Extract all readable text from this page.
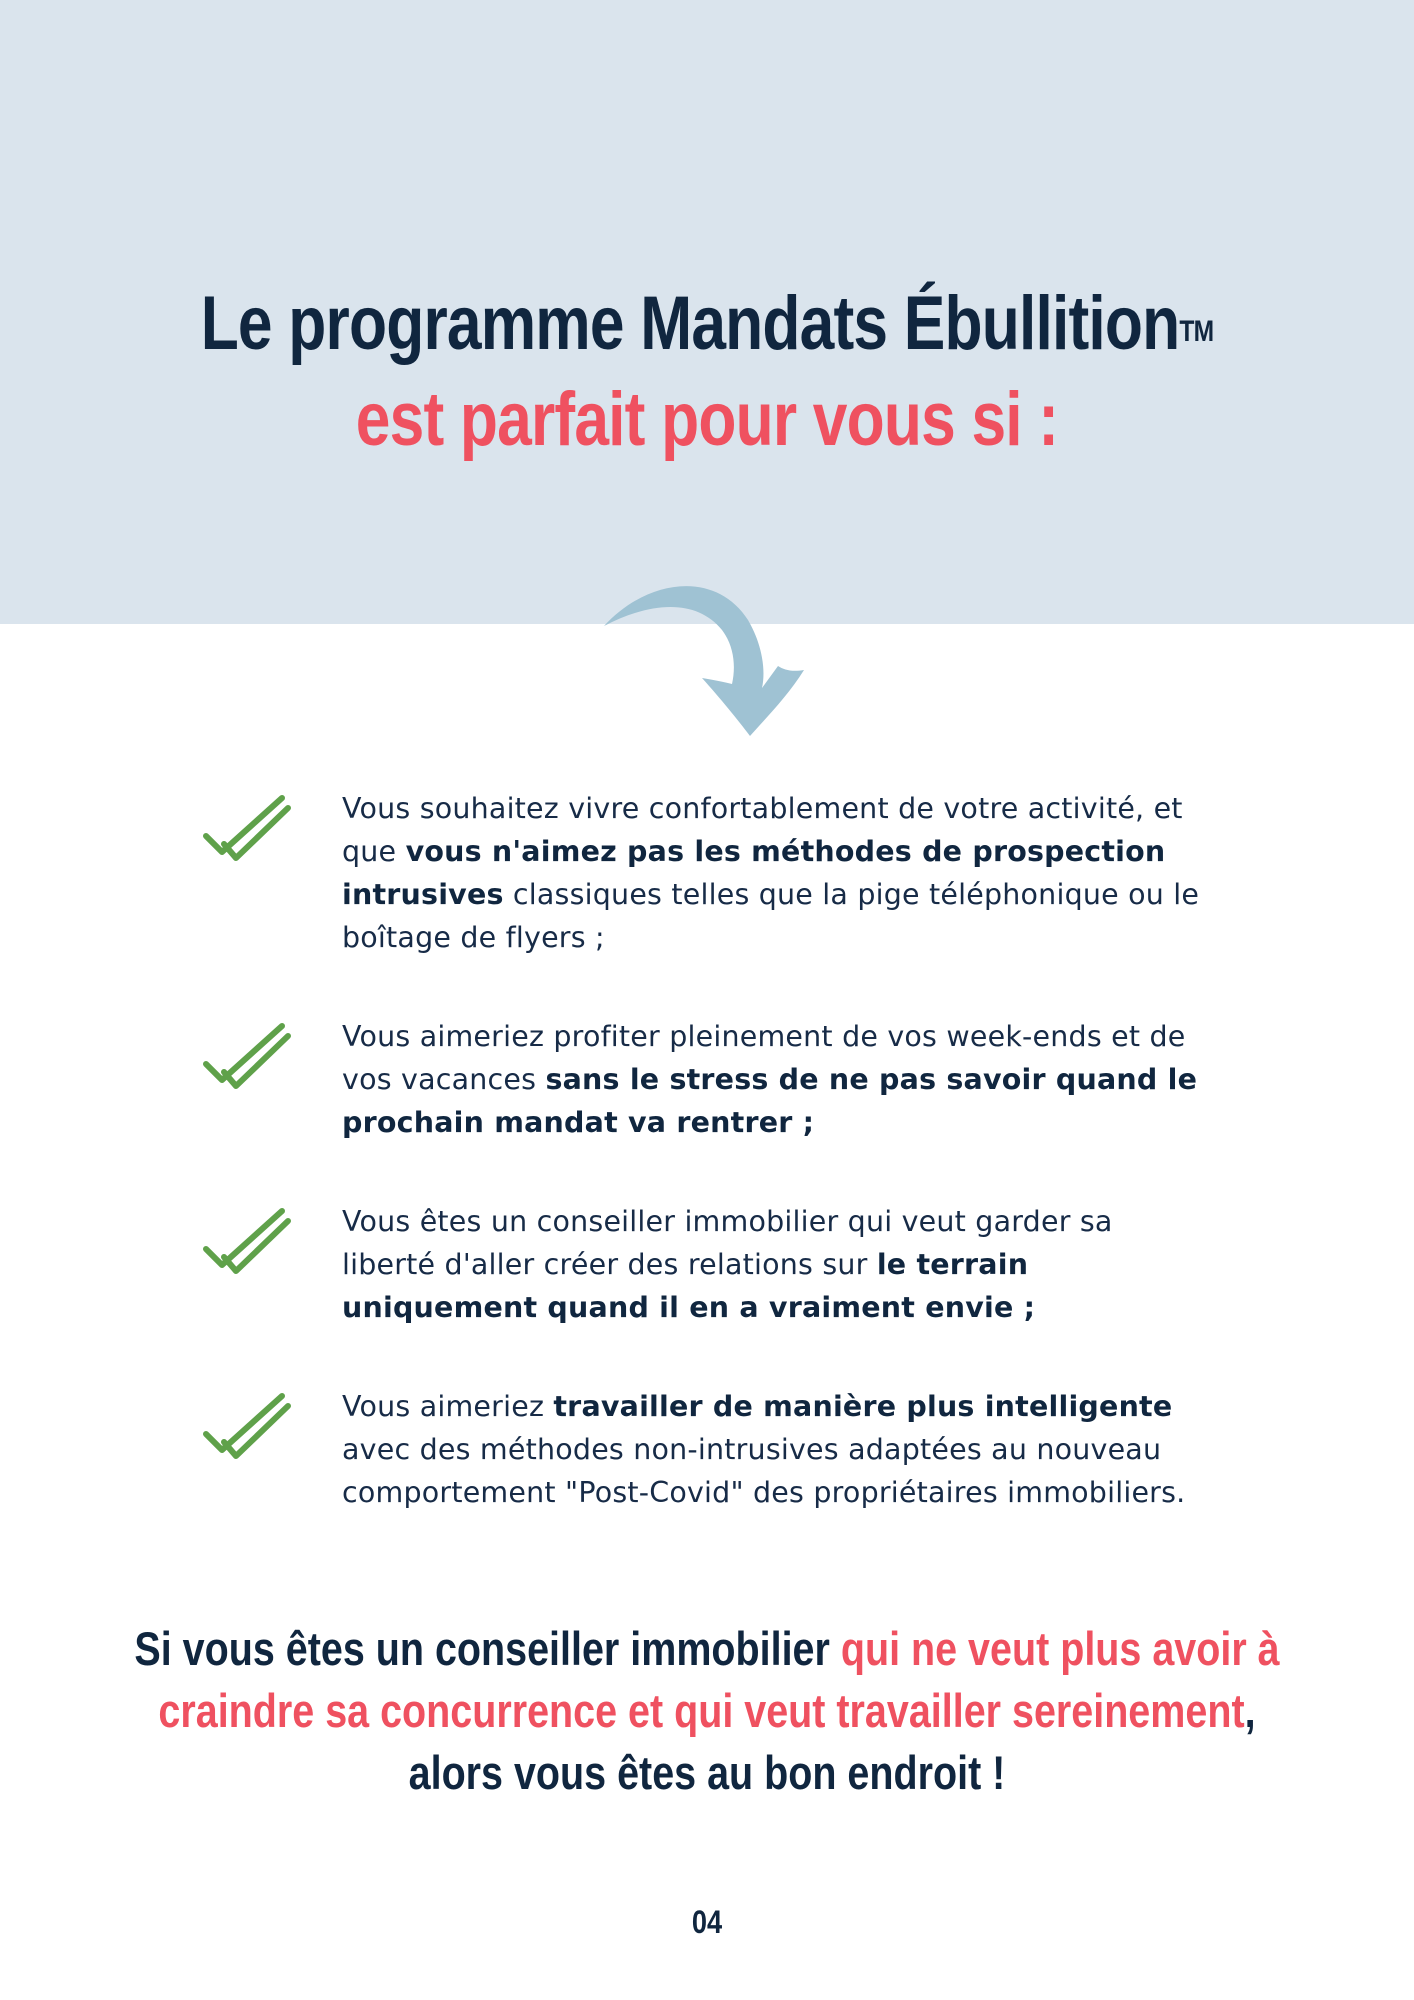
Le programme Mandats Ébullition™
est parfait pour vous si :

Vous souhaitez vivre confortablement de votre activité, et que vous n'aimez pas les méthodes de prospection intrusives classiques telles que la pige téléphonique ou le boîtage de flyers ;

Vous aimeriez profiter pleinement de vos week-ends et de vos vacances sans le stress de ne pas savoir quand le prochain mandat va rentrer ;

Vous êtes un conseiller immobilier qui veut garder sa liberté d'aller créer des relations sur le terrain uniquement quand il en a vraiment envie ;

Vous aimeriez travailler de manière plus intelligente avec des méthodes non-intrusives adaptées au nouveau comportement "Post-Covid" des propriétaires immobiliers.

Si vous êtes un conseiller immobilier qui ne veut plus avoir à craindre sa concurrence et qui veut travailler sereinement, alors vous êtes au bon endroit !

04
